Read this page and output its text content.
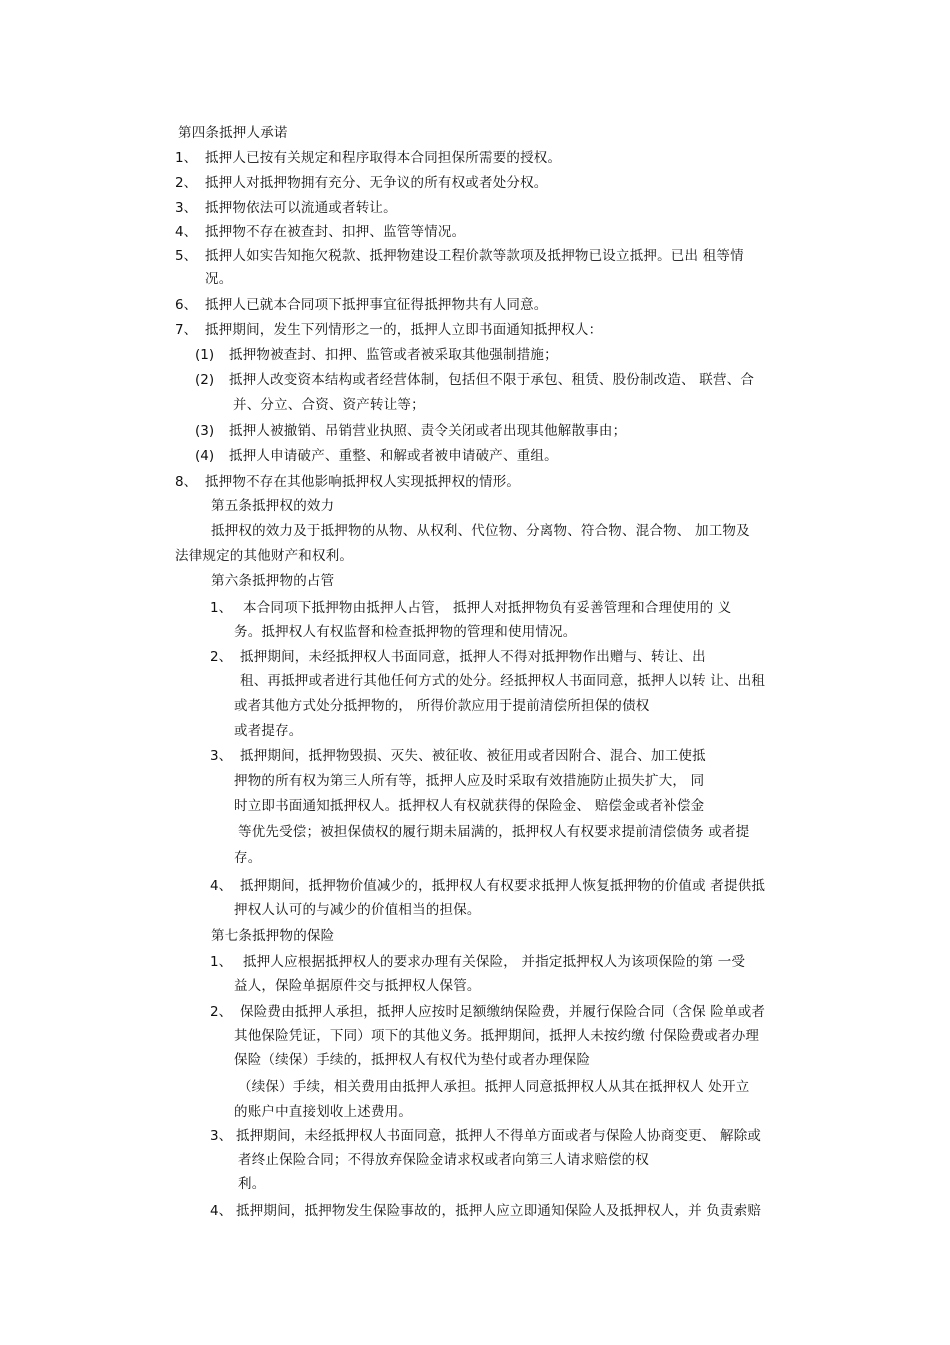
第四条抵押人承诺
1、 抵押人已按有关规定和程序取得本合同担保所需要的授权。
2、 抵押人对抵押物拥有充分、无争议的所有权或者处分权。
3、 抵押物依法可以流通或者转让。
4、 抵押物不存在被查封、扣押、监管等情况。
5、 抵押人如实告知拖欠税款、抵押物建设工程价款等款项及抵押物已设立抵押。已出 租等情
况。
6、 抵押人已就本合同项下抵押事宜征得抵押物共有人同意。
7、 抵押期间，发生下列情形之一的，抵押人立即书面通知抵押权人：
(1) 抵押物被查封、扣押、监管或者被采取其他强制措施；
(2) 抵押人改变资本结构或者经营体制，包括但不限于承包、租赁、股份制改造、 联营、合
并、分立、合资、资产转让等；
(3) 抵押人被撤销、吊销营业执照、责令关闭或者出现其他解散事由；
(4) 抵押人申请破产、重整、和解或者被申请破产、重组。
8、 抵押物不存在其他影响抵押权人实现抵押权的情形。
第五条抵押权的效力
抵押权的效力及于抵押物的从物、从权利、代位物、分离物、符合物、混合物、 加工物及
法律规定的其他财产和权利。
第六条抵押物的占管
1、 本合同项下抵押物由抵押人占管， 抵押人对抵押物负有妥善管理和合理使用的 义
务。抵押权人有权监督和检查抵押物的管理和使用情况。
2、 抵押期间，未经抵押权人书面同意，抵押人不得对抵押物作出赠与、转让、出
租、再抵押或者进行其他任何方式的处分。经抵押权人书面同意，抵押人以转 让、出租
或者其他方式处分抵押物的， 所得价款应用于提前清偿所担保的债权
或者提存。
3、 抵押期间，抵押物毁损、灭失、被征收、被征用或者因附合、混合、加工使抵
押物的所有权为第三人所有等，抵押人应及时采取有效措施防止损失扩大， 同
时立即书面通知抵押权人。抵押权人有权就获得的保险金、 赔偿金或者补偿金
等优先受偿；被担保债权的履行期未届满的，抵押权人有权要求提前清偿债务 或者提
存。
4、 抵押期间，抵押物价值减少的，抵押权人有权要求抵押人恢复抵押物的价值或 者提供抵
押权人认可的与减少的价值相当的担保。
第七条抵押物的保险
1、 抵押人应根据抵押权人的要求办理有关保险， 并指定抵押权人为该项保险的第 一受
益人，保险单据原件交与抵押权人保管。
2、 保险费由抵押人承担，抵押人应按时足额缴纳保险费，并履行保险合同（含保 险单或者
其他保险凭证，下同）项下的其他义务。抵押期间，抵押人未按约缴 付保险费或者办理
保险（续保）手续的，抵押权人有权代为垫付或者办理保险
（续保）手续，相关费用由抵押人承担。抵押人同意抵押权人从其在抵押权人 处开立
的账户中直接划收上述费用。
3、 抵押期间，未经抵押权人书面同意，抵押人不得单方面或者与保险人协商变更、 解除或
者终止保险合同；不得放弃保险金请求权或者向第三人请求赔偿的权
利。
4、 抵押期间，抵押物发生保险事故的，抵押人应立即通知保险人及抵押权人，并 负责索赔
